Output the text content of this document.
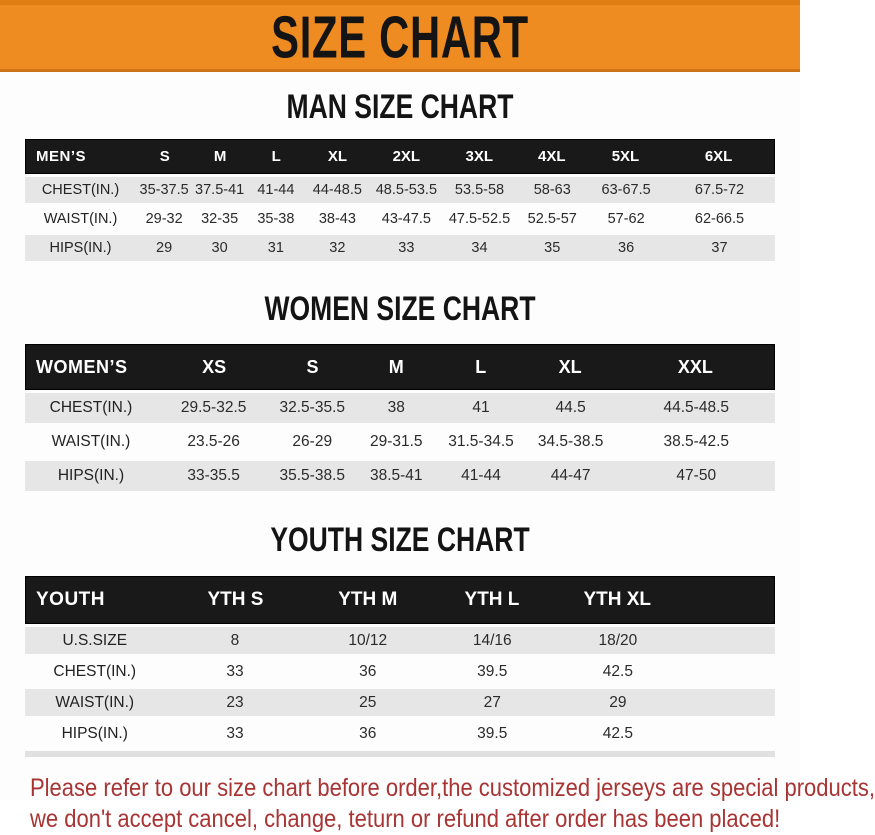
SIZE CHART
MAN SIZE CHART
MEN’S	S	M	L	XL	2XL	3XL	4XL	5XL	6XL
CHEST(IN.)	35-37.5 37.5-41 41-44	44-48.5 48.5-53.5	53.5-58	58-63	63-67.5	67.5-72
WAIST(IN.)	29-32	32-35	35-38	38-43	43-47.5	47.5-52.5	52.5-57	57-62	62-66.5
HIPS(IN.)	29	30	31	32	33	34	35	36	37
WOMEN SIZE CHART
WOMEN’S	XS	S	M	L	XL	XXL
CHEST(IN.)	29.5-32.5	32.5-35.5	38	41	44.5	44.5-48.5
WAIST(IN.)	23.5-26	26-29	29-31.5	31.5-34.5	34.5-38.5	38.5-42.5
HIPS(IN.)	33-35.5	35.5-38.5	38.5-41	41-44	44-47	47-50
YOUTH SIZE CHART
YOUTH	YTH S	YTH M	YTH L	YTH XL
U.S.SIZE	8	10/12	14/16	18/20
CHEST(IN.)	33	36	39.5	42.5
WAIST(IN.)	23	25	27	29
HIPS(IN.)	33	36	39.5	42.5

Please refer to our size chart before order,the customized jerseys are special products,

we don't accept cancel, change, teturn or refund after order has been placed!
